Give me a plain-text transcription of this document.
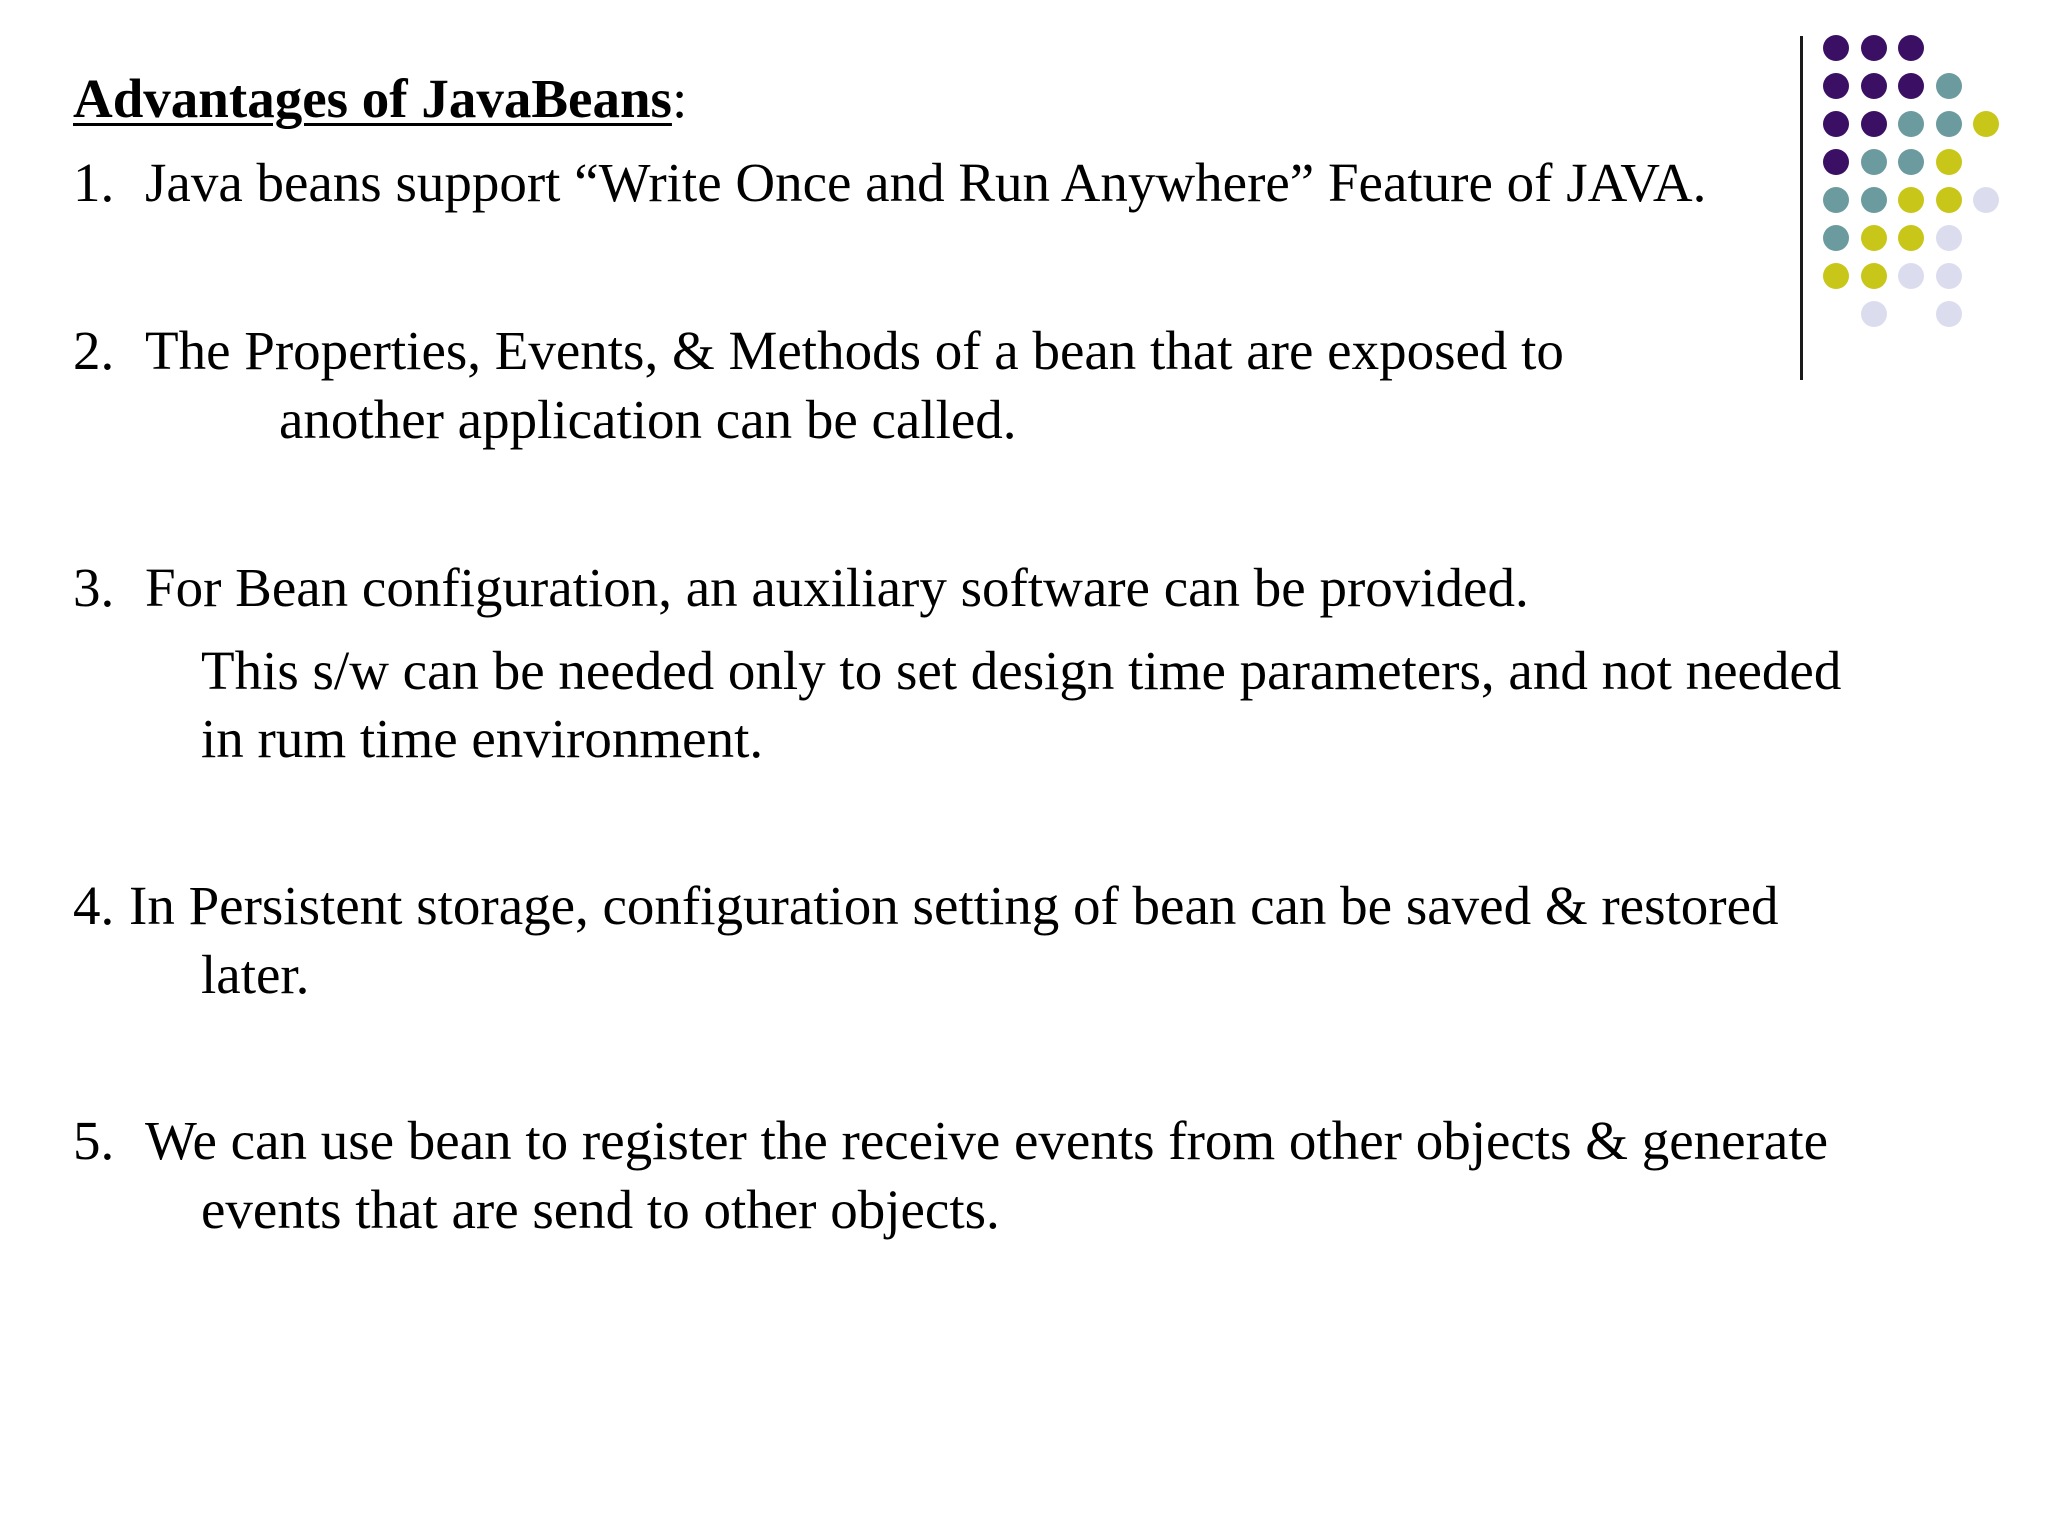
Advantages of JavaBeans:
1. Java beans support “Write Once and Run Anywhere” Feature of JAVA.
2. The Properties, Events, & Methods of a bean that are exposed to
another application can be called.
3. For Bean configuration, an auxiliary software can be provided.
This s/w can be needed only to set design time parameters, and not needed
in rum time environment.
4. In Persistent storage, configuration setting of bean can be saved & restored
later.
5. We can use bean to register the receive events from other objects & generate
events that are send to other objects.
